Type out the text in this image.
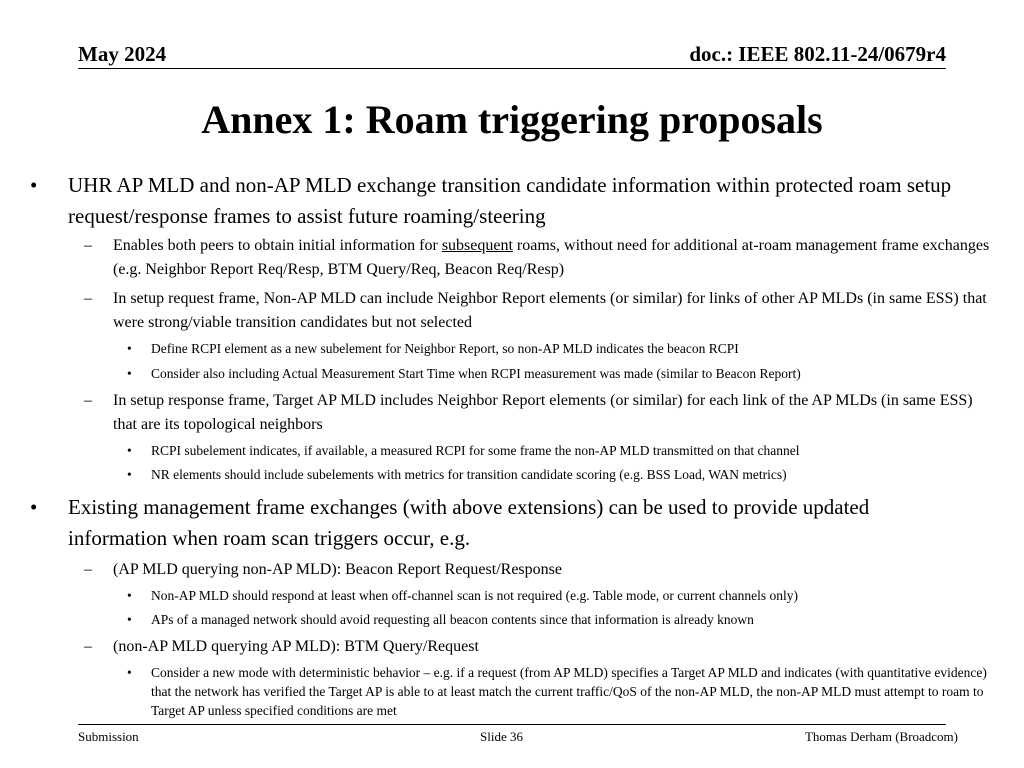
May 2024	doc.: IEEE 802.11-24/0679r4
Annex 1: Roam triggering proposals
• UHR AP MLD and non-AP MLD exchange transition candidate information within protected roam setup request/response frames to assist future roaming/steering
– Enables both peers to obtain initial information for subsequent roams, without need for additional at-roam management frame exchanges (e.g. Neighbor Report Req/Resp, BTM Query/Req, Beacon Req/Resp)
– In setup request frame, Non-AP MLD can include Neighbor Report elements (or similar) for links of other AP MLDs (in same ESS) that were strong/viable transition candidates but not selected
• Define RCPI element as a new subelement for Neighbor Report, so non-AP MLD indicates the beacon RCPI
• Consider also including Actual Measurement Start Time when RCPI measurement was made (similar to Beacon Report)
– In setup response frame, Target AP MLD includes Neighbor Report elements (or similar) for each link of the AP MLDs (in same ESS) that are its topological neighbors
• RCPI subelement indicates, if available, a measured RCPI for some frame the non-AP MLD transmitted on that channel
• NR elements should include subelements with metrics for transition candidate scoring (e.g. BSS Load, WAN metrics)
• Existing management frame exchanges (with above extensions) can be used to provide updated information when roam scan triggers occur, e.g.
– (AP MLD querying non-AP MLD): Beacon Report Request/Response
• Non-AP MLD should respond at least when off-channel scan is not required (e.g. Table mode, or current channels only)
• APs of a managed network should avoid requesting all beacon contents since that information is already known
– (non-AP MLD querying AP MLD): BTM Query/Request
• Consider a new mode with deterministic behavior – e.g. if a request (from AP MLD) specifies a Target AP MLD and indicates (with quantitative evidence) that the network has verified the Target AP is able to at least match the current traffic/QoS of the non-AP MLD, the non-AP MLD must attempt to roam to Target AP unless specified conditions are met
Submission	Slide 36	Thomas Derham (Broadcom)
